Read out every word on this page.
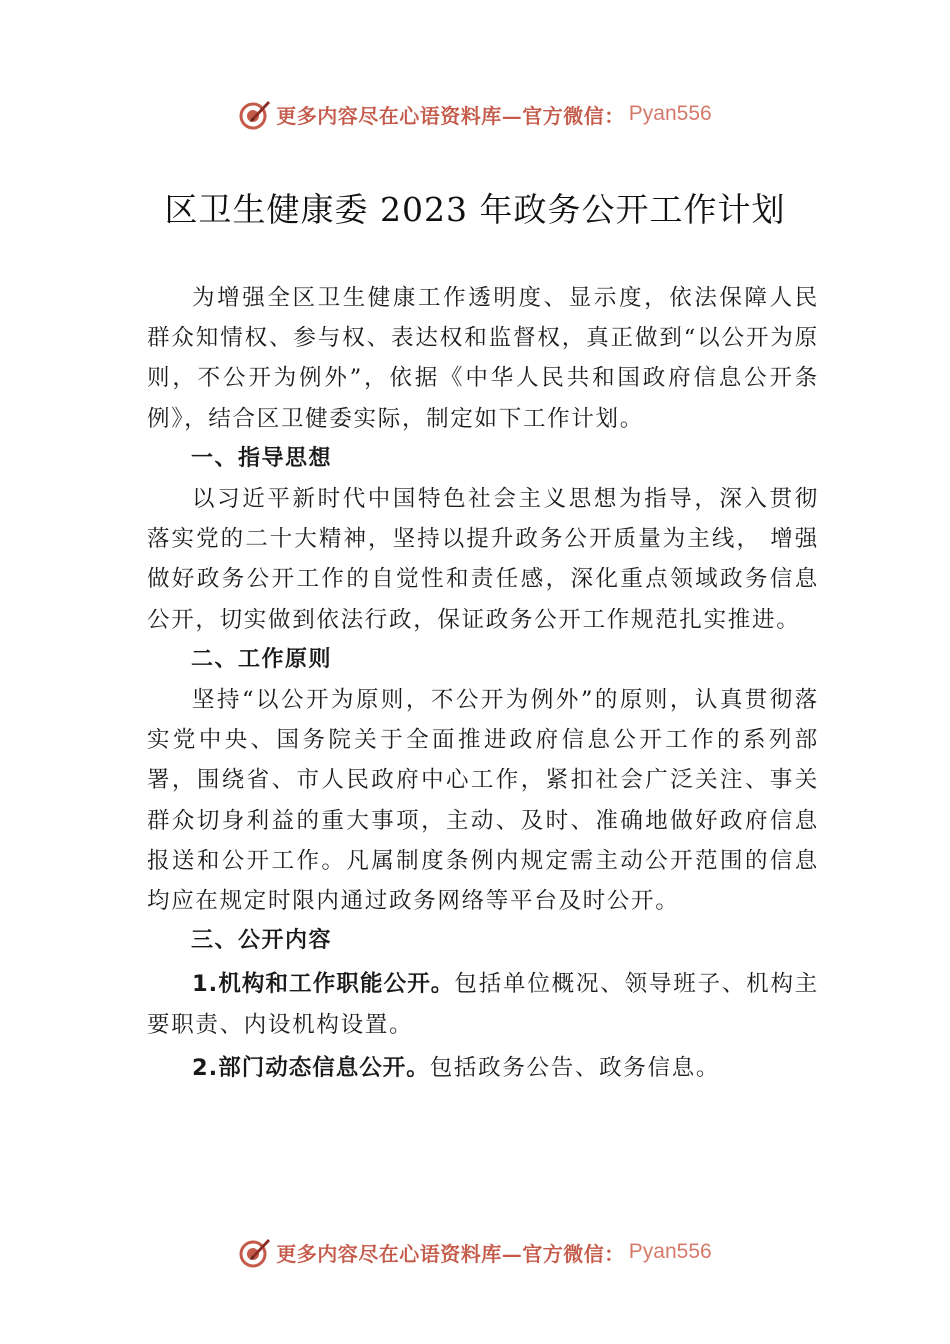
更多内容尽在心语资料库—官方微信： Pyan556
区卫生健康委 2023 年政务公开工作计划

为增强全区卫生健康工作透明度、显示度，依法保障人民群众知情权、参与权、表达权和监督权，真正做到“以公开为原则，不公开为例外”，依据《中华人民共和国政府信息公开条例》，结合区卫健委实际，制定如下工作计划。

一、指导思想

以习近平新时代中国特色社会主义思想为指导，深入贯彻落实党的二十大精神，坚持以提升政务公开质量为主线， 增强做好政务公开工作的自觉性和责任感，深化重点领域政务信息公开，切实做到依法行政，保证政务公开工作规范扎实推进。

二、工作原则

坚持“以公开为原则，不公开为例外”的原则，认真贯彻落实党中央、国务院关于全面推进政府信息公开工作的系列部署，围绕省、市人民政府中心工作，紧扣社会广泛关注、事关群众切身利益的重大事项，主动、及时、准确地做好政府信息报送和公开工作。凡属制度条例内规定需主动公开范围的信息均应在规定时限内通过政务网络等平台及时公开。

三、公开内容

1.机构和工作职能公开。包括单位概况、领导班子、机构主要职责、内设机构设置。

2.部门动态信息公开。包括政务公告、政务信息。

更多内容尽在心语资料库—官方微信： Pyan556
